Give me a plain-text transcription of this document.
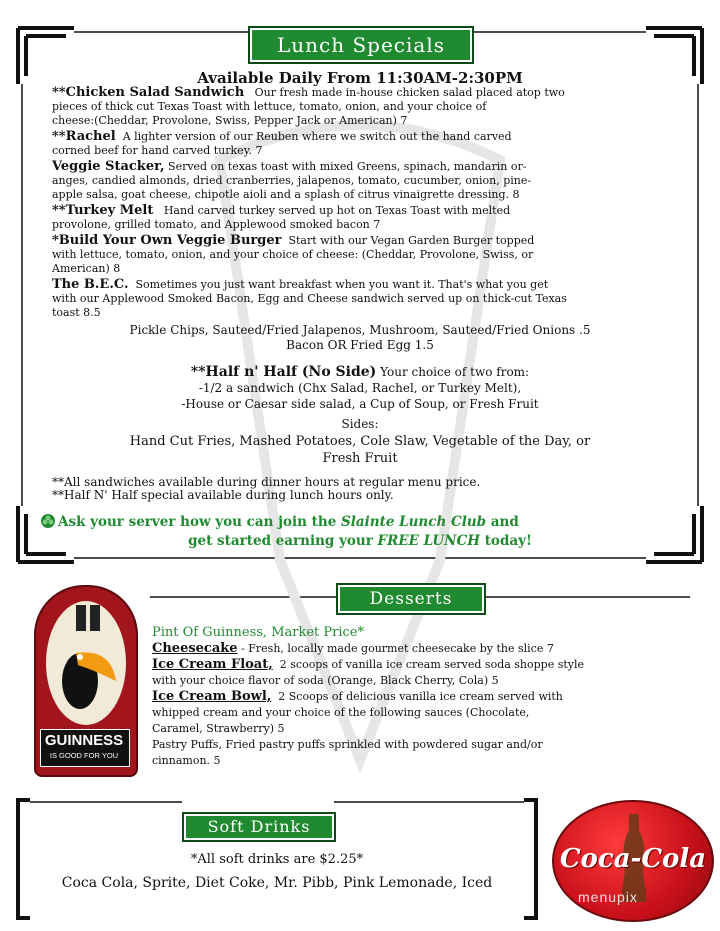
Lunch Specials
Available Daily From 11:30AM-2:30PM
**Chicken Salad Sandwich Our fresh made in-house chicken salad placed atop two
pieces of thick cut Texas Toast with lettuce, tomato, onion, and your choice of
cheese:(Cheddar, Provolone, Swiss, Pepper Jack or American) 7
**Rachel A lighter version of our Reuben where we switch out the hand carved
corned beef for hand carved turkey. 7
Veggie Stacker, Served on texas toast with mixed Greens, spinach, mandarin or-
anges, candied almonds, dried cranberries, jalapenos, tomato, cucumber, onion, pine-
apple salsa, goat cheese, chipotle aioli and a splash of citrus vinaigrette dressing. 8
**Turkey Melt Hand carved turkey served up hot on Texas Toast with melted
provolone, grilled tomato, and Applewood smoked bacon 7
*Build Your Own Veggie Burger Start with our Vegan Garden Burger topped
with lettuce, tomato, onion, and your choice of cheese: (Cheddar, Provolone, Swiss, or
American) 8
The B.E.C. Sometimes you just want breakfast when you want it. That's what you get
with our Applewood Smoked Bacon, Egg and Cheese sandwich served up on thick-cut Texas
toast 8.5
Pickle Chips, Sauteed/Fried Jalapenos, Mushroom, Sauteed/Fried Onions .5
Bacon OR Fried Egg 1.5
**Half n' Half (No Side) Your choice of two from:
-1/2 a sandwich (Chx Salad, Rachel, or Turkey Melt),
-House or Caesar side salad, a Cup of Soup, or Fresh Fruit
Sides:
Hand Cut Fries, Mashed Potatoes, Cole Slaw, Vegetable of the Day, or
Fresh Fruit
**All sandwiches available during dinner hours at regular menu price.
**Half N' Half special available during lunch hours only.
Ask your server how you can join the Slainte Lunch Club and
get started earning your FREE LUNCH today!
GUINNESS
IS GOOD FOR YOU
Desserts
Pint Of Guinness, Market Price*
Cheesecake - Fresh, locally made gourmet cheesecake by the slice 7
Ice Cream Float, 2 scoops of vanilla ice cream served soda shoppe style
with your choice flavor of soda (Orange, Black Cherry, Cola) 5
Ice Cream Bowl, 2 Scoops of delicious vanilla ice cream served with
whipped cream and your choice of the following sauces (Chocolate,
Caramel, Strawberry) 5
Pastry Puffs, Fried pastry puffs sprinkled with powdered sugar and/or
cinnamon. 5
Soft Drinks
*All soft drinks are $2.25*
Coca Cola, Sprite, Diet Coke, Mr. Pibb, Pink Lemonade, Iced
Coca-Cola
menupix
